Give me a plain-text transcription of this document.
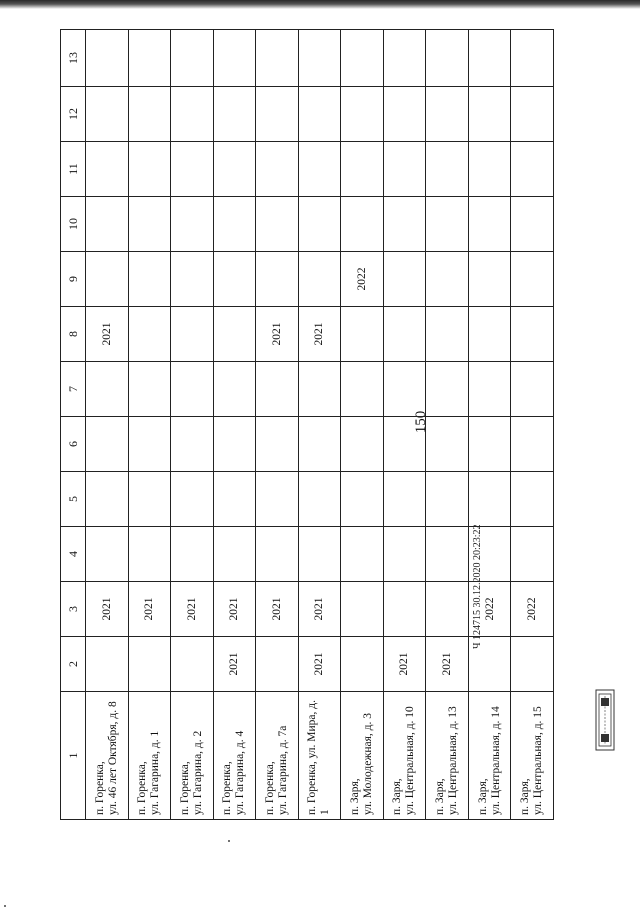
150
1	2	3	4	5	6	7	8	9	10	11	12	13

п. Горенка, ул. 46 лет Октября, д. 8		2021					2021					

п. Горенка, ул. Гагарина, д. 1		2021										

п. Горенка, ул. Гагарина, д. 2		2021										

п. Горенка, ул. Гагарина, д. 4	2021	2021										

п. Горенка, ул. Гагарина, д. 7а		2021					2021					

п. Горенка, ул. Мира, д. 1	2021	2021					2021					

п. Заря, ул. Молодежная, д. 3								2022				

п. Заря, ул. Центральная, д. 10	2021											

п. Заря, ул. Центральная, д. 13	2021											

п. Заря, ул. Центральная, д. 14		2022										

п. Заря, ул. Центральная, д. 15		2022										
Ч 124715 30.12.2020 20:23:22
